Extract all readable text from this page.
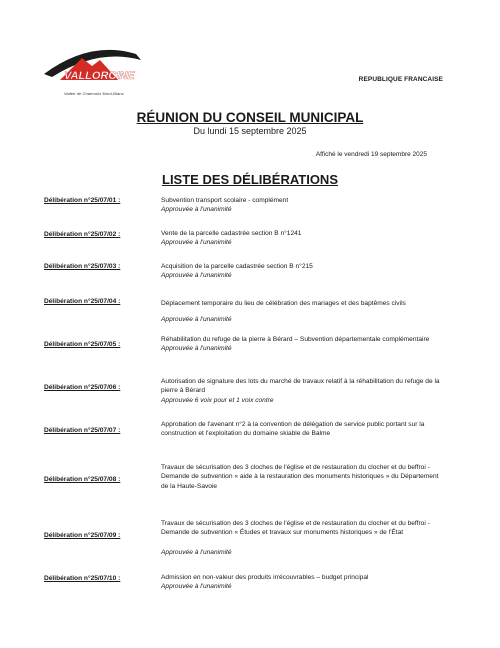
VALLORCINE
Vallée de Chamonix Mont-Blanc
REPUBLIQUE FRANCAISE
RÉUNION DU CONSEIL MUNICIPAL
Du lundi 15 septembre 2025
Affiché le vendredi 19 septembre 2025
LISTE DES DÉLIBÉRATIONS
Délibération n°25/07/01 :	Subvention transport scolaire - complément
Approuvée à l'unanimité
Délibération n°25/07/02 :	Vente de la parcelle cadastrée section B n°1241
Approuvée à l'unanimité
Délibération n°25/07/03 :	Acquisition de la parcelle cadastrée section B n°215
Approuvée à l'unanimité
Délibération n°25/07/04 :	Déplacement temporaire du lieu de célébration des mariages et des baptêmes civils
Approuvée à l'unanimité
Délibération n°25/07/05 :
Réhabilitation du refuge de la pierre à Bérard – Subvention départementale complémentaire
Approuvée à l'unanimité
Délibération n°25/07/06 :
Autorisation de signature des lots du marché de travaux relatif à la réhabilitation du refuge de la pierre à Bérard
Approuvée 6 voix pour et 1 voix contre
Délibération n°25/07/07 :
Approbation de l'avenant n°2 à la convention de délégation de service public portant sur la construction et l'exploitation du domaine skiable de Balme
Délibération n°25/07/08 :
Travaux de sécurisation des 3 cloches de l'église et de restauration du clocher et du beffroi - Demande de subvention « aide à la restauration des monuments historiques » du Département de la Haute-Savoie
Délibération n°25/07/09 :
Travaux de sécurisation des 3 cloches de l'église et de restauration du clocher et du beffroi - Demande de subvention « Études et travaux sur monuments historiques » de l'État
Approuvée à l'unanimité
Délibération n°25/07/10 :	Admission en non-valeur des produits irrécouvrables – budget principal
Approuvée à l'unanimité
